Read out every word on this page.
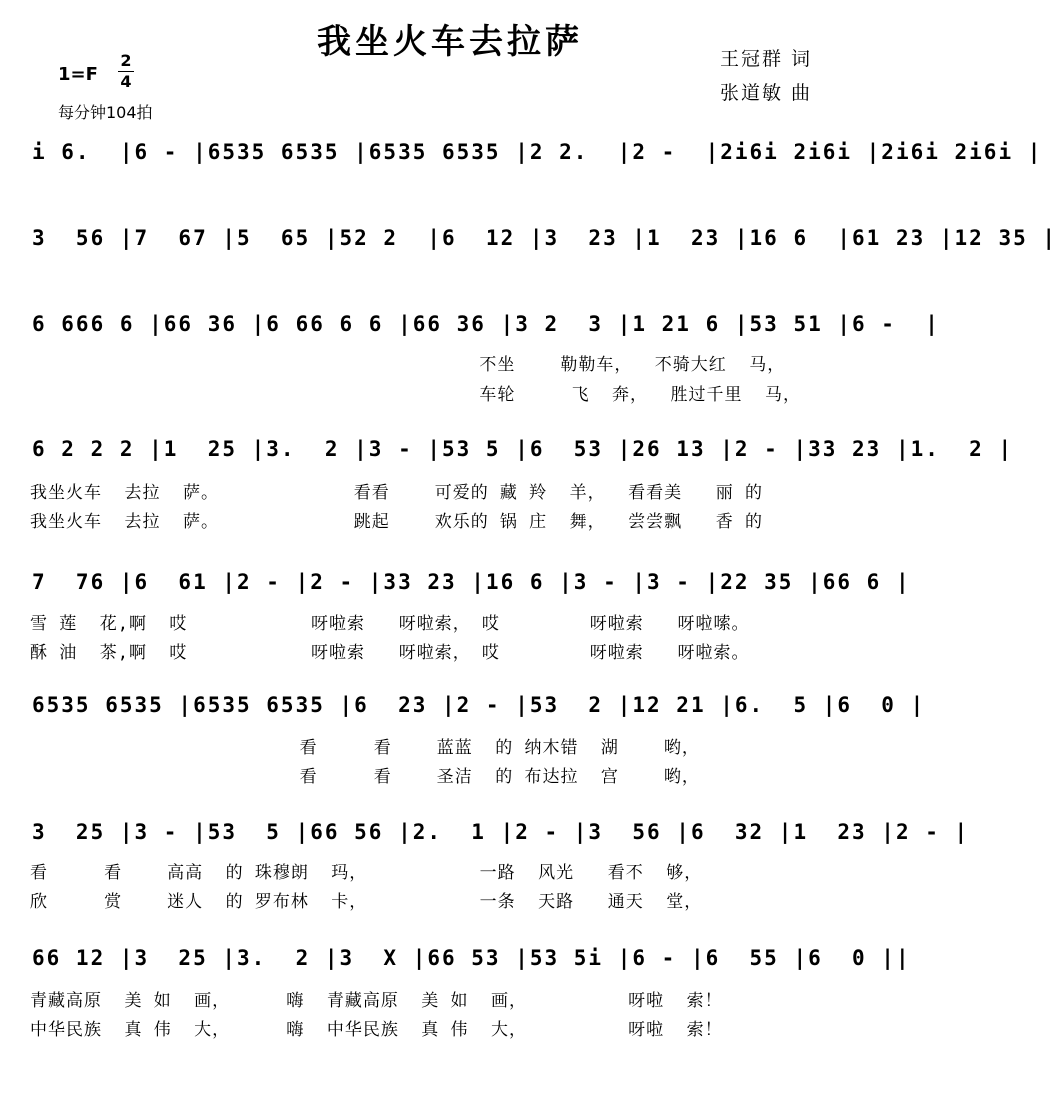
我坐火车去拉萨
1=F
2
4
每分钟104拍
王冠群 词
张道敏 曲
i 6.  |6 - |6535 6535 |6535 6535 |2 2.  |2 -  |2i6i 2i6i |2i6i 2i6i |
3  56 |7  67 |5  65 |52 2  |6  12 |3  23 |1  23 |16 6  |61 23 |12 35 |
6 666 6 |66 36 |6 66 6 6 |66 36 |3 2  3 |1 21 6 |53 51 |6 -  |
不坐    勒勒车，  不骑大红  马，
车轮     飞  奔，  胜过千里  马，
6 2 2 2 |1  25 |3.  2 |3 - |53 5 |6  53 |26 13 |2 - |33 23 |1.  2 |
我坐火车  去拉  萨。            看看    可爱的 藏 羚  羊，  看看美   丽 的
我坐火车  去拉  萨。            跳起    欢乐的 锅 庄  舞，  尝尝飘   香 的
7  76 |6  61 |2 - |2 - |33 23 |16 6 |3 - |3 - |22 35 |66 6 |
雪 莲  花,啊  哎           呀啦索   呀啦索， 哎        呀啦索   呀啦嗦。
酥 油  茶,啊  哎           呀啦索   呀啦索， 哎        呀啦索   呀啦索。
6535 6535 |6535 6535 |6  23 |2 - |53  2 |12 21 |6.  5 |6  0 |
看     看    蓝蓝  的 纳木错  湖    哟，
看     看    圣洁  的 布达拉  宫    哟，
3  25 |3 - |53  5 |66 56 |2.  1 |2 - |3  56 |6  32 |1  23 |2 - |
看     看    高高  的 珠穆朗  玛，          一路  风光   看不  够，
欣     赏    迷人  的 罗布林  卡，          一条  天路   通天  堂，
66 12 |3  25 |3.  2 |3  X |66 53 |53 5i |6 - |6  55 |6  0 ||
青藏高原  美 如  画，     嗨  青藏高原  美 如  画，         呀啦  索！
中华民族  真 伟  大，     嗨  中华民族  真 伟  大，         呀啦  索！
